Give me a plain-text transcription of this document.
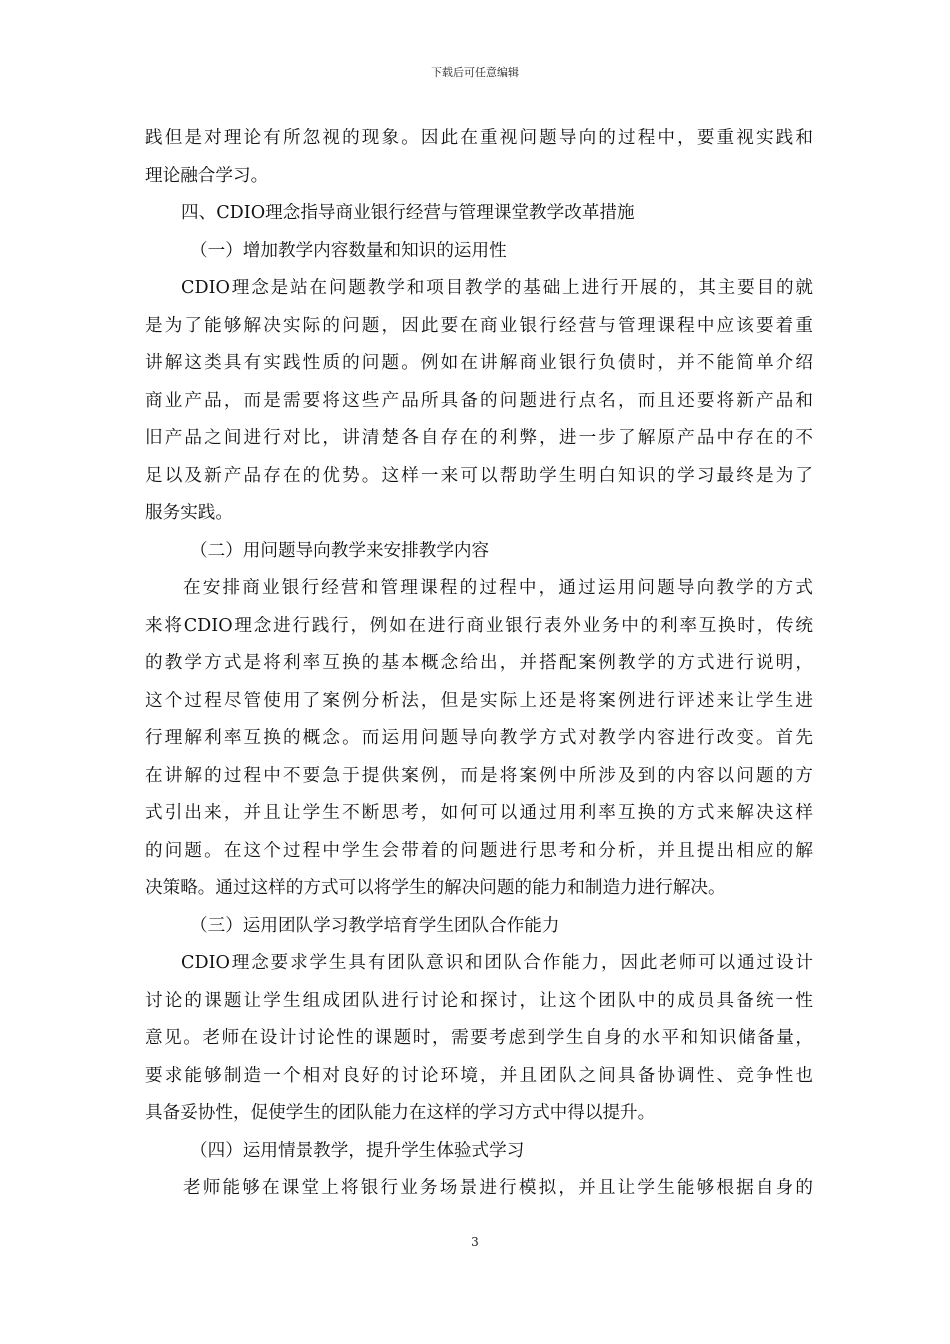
下载后可任意编辑
践但是对理论有所忽视的现象。因此在重视问题导向的过程中，要重视实践和
理论融合学习。
四、CDIO理念指导商业银行经营与管理课堂教学改革措施
（一）增加教学内容数量和知识的运用性
CDIO理念是站在问题教学和项目教学的基础上进行开展的，其主要目的就
是为了能够解决实际的问题，因此要在商业银行经营与管理课程中应该要着重
讲解这类具有实践性质的问题。例如在讲解商业银行负债时，并不能简单介绍
商业产品，而是需要将这些产品所具备的问题进行点名，而且还要将新产品和
旧产品之间进行对比，讲清楚各自存在的利弊，进一步了解原产品中存在的不
足以及新产品存在的优势。这样一来可以帮助学生明白知识的学习最终是为了
服务实践。
（二）用问题导向教学来安排教学内容
在安排商业银行经营和管理课程的过程中，通过运用问题导向教学的方式
来将CDIO理念进行践行，例如在进行商业银行表外业务中的利率互换时，传统
的教学方式是将利率互换的基本概念给出，并搭配案例教学的方式进行说明，
这个过程尽管使用了案例分析法，但是实际上还是将案例进行评述来让学生进
行理解利率互换的概念。而运用问题导向教学方式对教学内容进行改变。首先
在讲解的过程中不要急于提供案例，而是将案例中所涉及到的内容以问题的方
式引出来，并且让学生不断思考，如何可以通过用利率互换的方式来解决这样
的问题。在这个过程中学生会带着的问题进行思考和分析，并且提出相应的解
决策略。通过这样的方式可以将学生的解决问题的能力和制造力进行解决。
（三）运用团队学习教学培育学生团队合作能力
CDIO理念要求学生具有团队意识和团队合作能力，因此老师可以通过设计
讨论的课题让学生组成团队进行讨论和探讨，让这个团队中的成员具备统一性
意见。老师在设计讨论性的课题时，需要考虑到学生自身的水平和知识储备量，
要求能够制造一个相对良好的讨论环境，并且团队之间具备协调性、竞争性也
具备妥协性，促使学生的团队能力在这样的学习方式中得以提升。
（四）运用情景教学，提升学生体验式学习
老师能够在课堂上将银行业务场景进行模拟，并且让学生能够根据自身的
3
